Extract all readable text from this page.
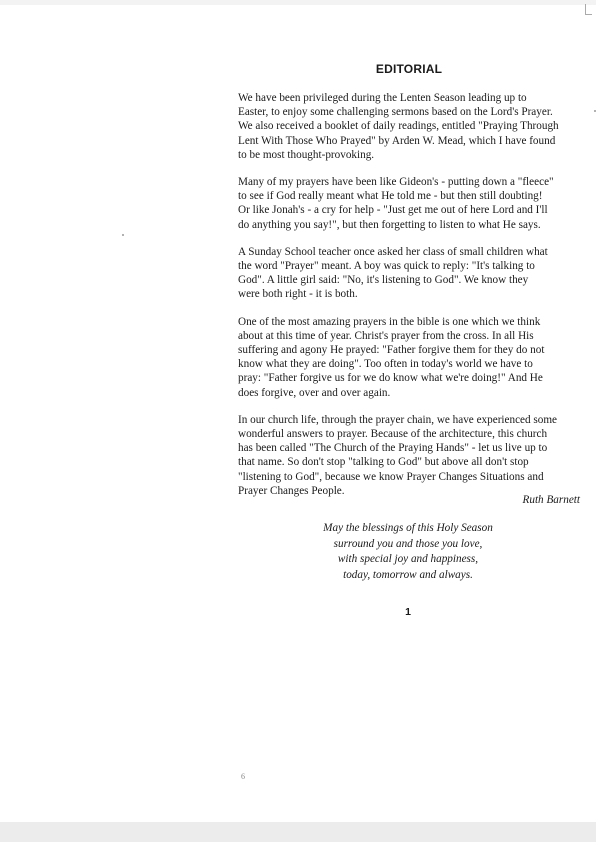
EDITORIAL

We have been privileged during the Lenten Season leading up to
Easter, to enjoy some challenging sermons based on the Lord's Prayer.
We also received a booklet of daily readings, entitled "Praying Through
Lent With Those Who Prayed" by Arden W. Mead, which I have found
to be most thought-provoking.

Many of my prayers have been like Gideon's - putting down a "fleece"
to see if God really meant what He told me - but then still doubting!
Or like Jonah's - a cry for help - "Just get me out of here Lord and I'll
do anything you say!", but then forgetting to listen to what He says.

A Sunday School teacher once asked her class of small children what
the word "Prayer" meant. A boy was quick to reply: "It's talking to
God". A little girl said: "No, it's listening to God". We know they
were both right - it is both.

One of the most amazing prayers in the bible is one which we think
about at this time of year. Christ's prayer from the cross. In all His
suffering and agony He prayed: "Father forgive them for they do not
know what they are doing". Too often in today's world we have to
pray: "Father forgive us for we do know what we're doing!" And He
does forgive, over and over again.

In our church life, through the prayer chain, we have experienced some
wonderful answers to prayer. Because of the architecture, this church
has been called "The Church of the Praying Hands" - let us live up to
that name. So don't stop "talking to God" but above all don't stop
"listening to God", because we know Prayer Changes Situations and
Prayer Changes People.

Ruth Barnett
May the blessings of this Holy Season
surround you and those you love,
with special joy and happiness,
today, tomorrow and always.
1
6
